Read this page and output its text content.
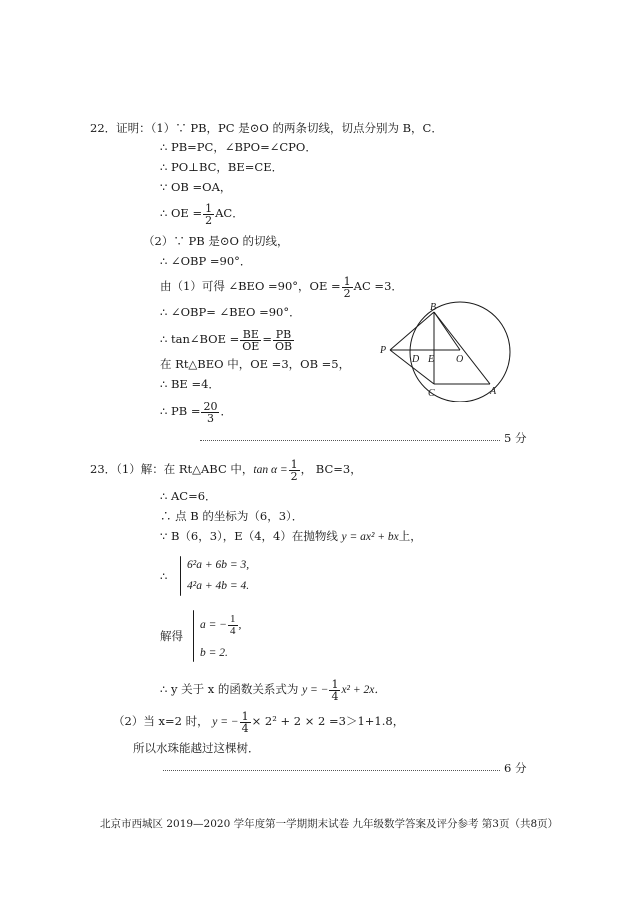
22．证明：（1）∵ PB，PC 是⊙O 的两条切线，切点分别为 B，C．
∴ PB=PC，∠BPO=∠CPO．
∴ PO⊥BC，BE=CE．
∵ OB =OA，
∴ OE = $\frac{1}{2}$ AC．
（2）∵ PB 是⊙O 的切线，
∴ ∠OBP =90°．
由（1）可得 ∠BEO =90°，OE = $\frac{1}{2}$ AC =3．
∴ ∠OBP= ∠BEO =90°．
∴ tan∠BOE = $\frac{BE}{OE} = \frac{PB}{OB}$
在 Rt△BEO 中，OE =3，OB =5，
∴ BE =4．
∴ PB = $\frac{20}{3}$ ．
5 分
B
P
D E O
C	A
23．（1）解：在 Rt△ABC 中，$\tan \alpha = \frac{1}{2}$ ， BC=3，
∴ AC=6．
∴ 点 B 的坐标为（6，3）．
∵ B（6，3），E（4，4）在抛物线 y = ax² + bx上，
∴
6²a + 6b = 3,
4²a + 4b = 4.
解得
a = − $\frac{1}{4}$ ,
b = 2.
∴ y 关于 x 的函数关系式为 y = − $\frac{1}{4} x^2 + 2x$．
（2）当 x=2 时， y = − $\frac{1}{4} \times 2^2 + 2 \times 2 =3>1+1.8$，
所以水珠能越过这棵树．
6 分
北京市西城区 2019—2020 学年度第一学期期末试卷 九年级数学答案及评分参考 第3页（共8页）
